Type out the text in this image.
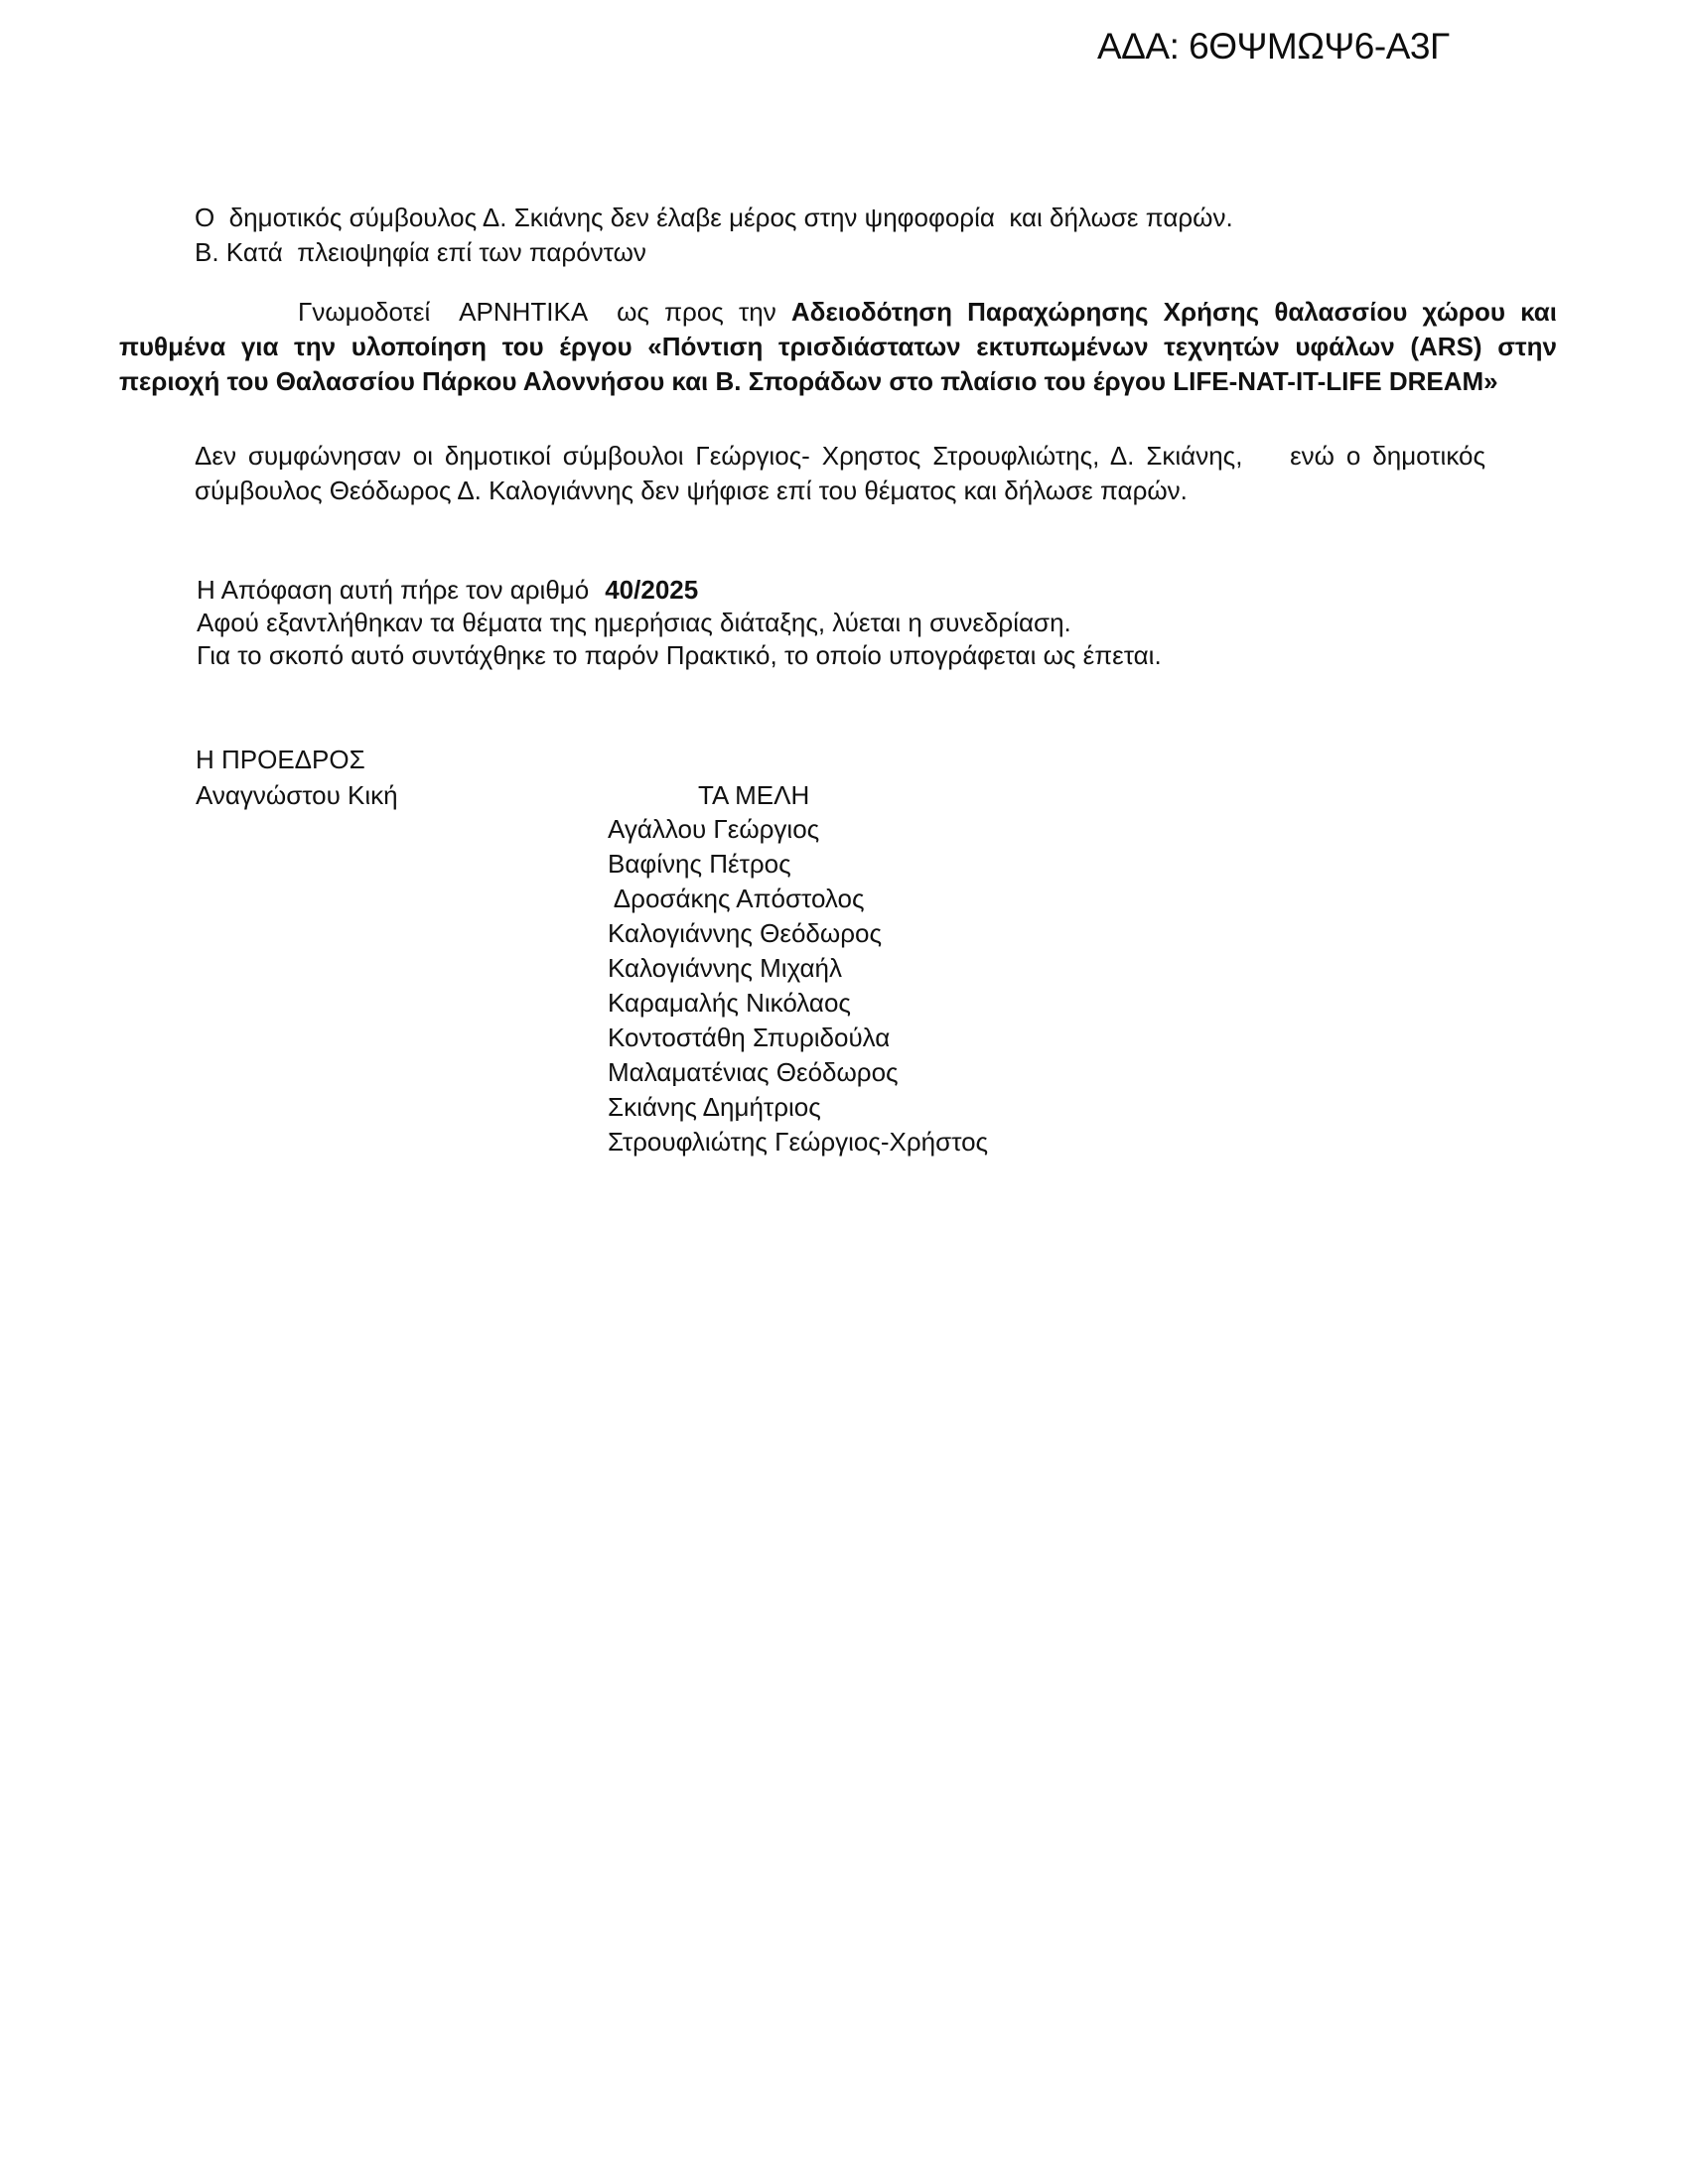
ΑΔΑ: 6ΘΨΜΩΨ6-Α3Γ
Ο  δημοτικός σύμβουλος Δ. Σκιάνης δεν έλαβε μέρος στην ψηφοφορία  και δήλωσε παρών.
Β. Κατά  πλειοψηφία επί των παρόντων
Γνωμοδοτεί  ΑΡΝΗΤΙΚΑ  ως προς την Αδειοδότηση Παραχώρησης Χρήσης θαλασσίου χώρου και πυθμένα για την υλοποίηση του έργου «Πόντιση τρισδιάστατων εκτυπωμένων τεχνητών υφάλων (ARS) στην περιοχή του Θαλασσίου Πάρκου Αλοννήσου και Β. Σποράδων στο πλαίσιο του έργου LIFE-NAT-IT-LIFE DREAM»
Δεν συμφώνησαν οι δημοτικοί σύμβουλοι Γεώργιος- Χρηστος Στρουφλιώτης, Δ. Σκιάνης,    ενώ ο δημοτικός σύμβουλος Θεόδωρος Δ. Καλογιάννης δεν ψήφισε επί του θέματος και δήλωσε παρών.
Η Απόφαση αυτή πήρε τον αριθμό 40/2025
Αφού εξαντλήθηκαν τα θέματα της ημερήσιας διάταξης, λύεται η συνεδρίαση.
Για το σκοπό αυτό συντάχθηκε το παρόν Πρακτικό, το οποίο υπογράφεται ως έπεται.
Η ΠΡΟΕΔΡΟΣ
Αναγνώστου Κική	ΤΑ ΜΕΛΗ
Αγάλλου Γεώργιος
Βαφίνης Πέτρος
Δροσάκης Απόστολος
Καλογιάννης Θεόδωρος
Καλογιάννης Μιχαήλ
Καραμαλής Νικόλαος
Κοντοστάθη Σπυριδούλα
Μαλαματένιας Θεόδωρος
Σκιάνης Δημήτριος
Στρουφλιώτης Γεώργιος-Χρήστος
